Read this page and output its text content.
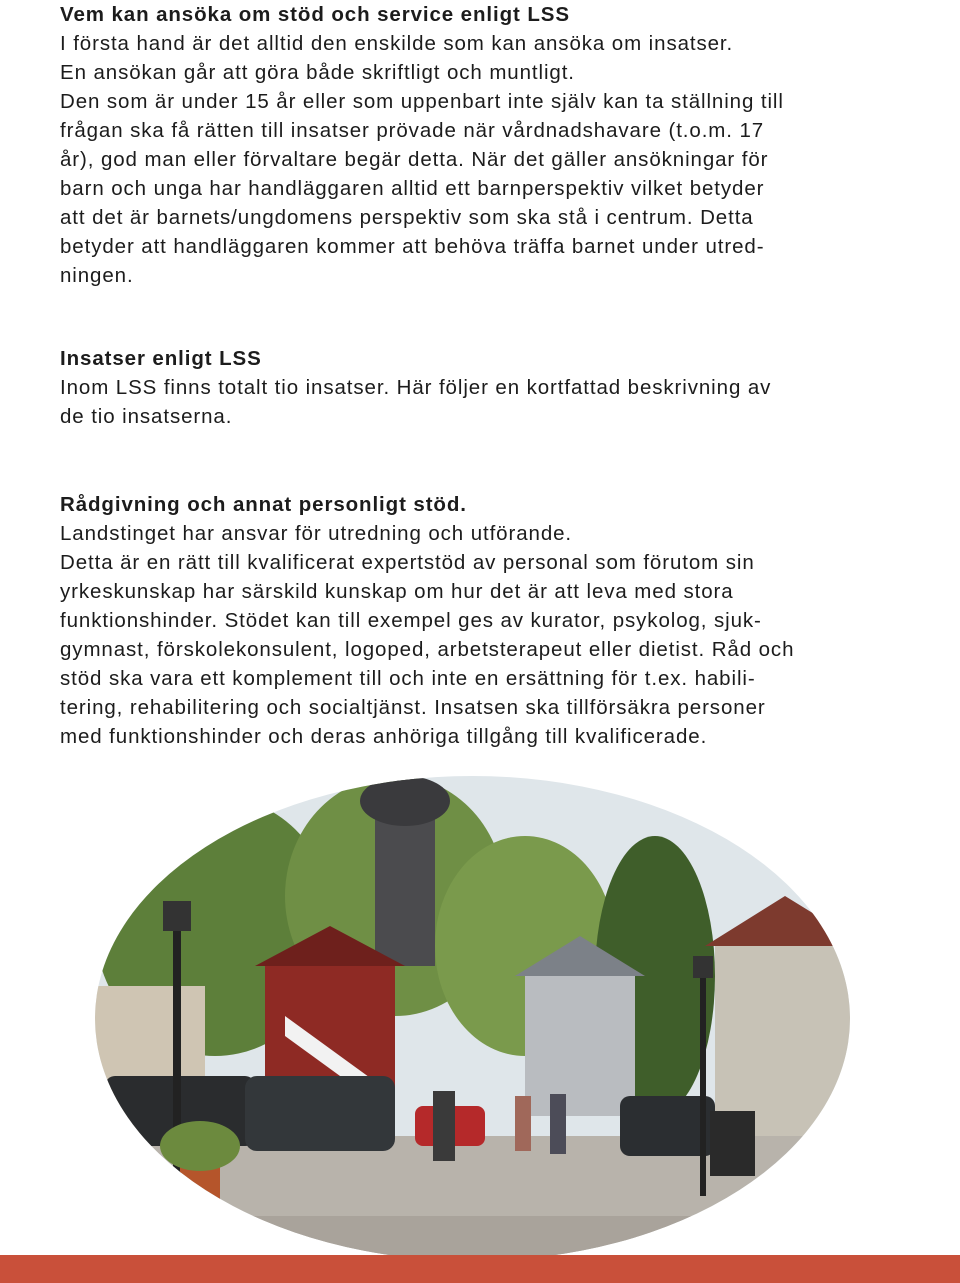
Vem kan ansöka om stöd och service enligt LSS

I första hand är det alltid den enskilde som kan ansöka om insatser.

En ansökan går att göra både skriftligt och muntligt.

Den som är under 15 år eller som uppenbart inte själv kan ta ställning till

frågan ska få rätten till insatser prövade när vårdnadshavare (t.o.m. 17

år), god man eller förvaltare begär detta. När det gäller ansökningar för

barn och unga har handläggaren alltid ett barnperspektiv vilket betyder

att det är barnets/ungdomens perspektiv som ska stå i centrum. Detta

betyder att handläggaren kommer att behöva träffa barnet under utred-

ningen.

Insatser enligt LSS

Inom LSS finns totalt tio insatser. Här följer en kortfattad beskrivning av

de tio insatserna.

Rådgivning och annat personligt stöd.

Landstinget har ansvar för utredning och utförande.

Detta är en rätt till kvalificerat expertstöd av personal som förutom sin

yrkeskunskap har särskild kunskap om hur det är att leva med stora

funktionshinder. Stödet kan till exempel ges av kurator, psykolog, sjuk-

gymnast, förskolekonsulent, logoped, arbetsterapeut eller dietist. Råd och

stöd ska vara ett komplement till och inte en ersättning för t.ex. habili-

tering, rehabilitering och socialtjänst. Insatsen ska tillförsäkra personer

med funktionshinder och deras anhöriga tillgång till kvalificerade.
